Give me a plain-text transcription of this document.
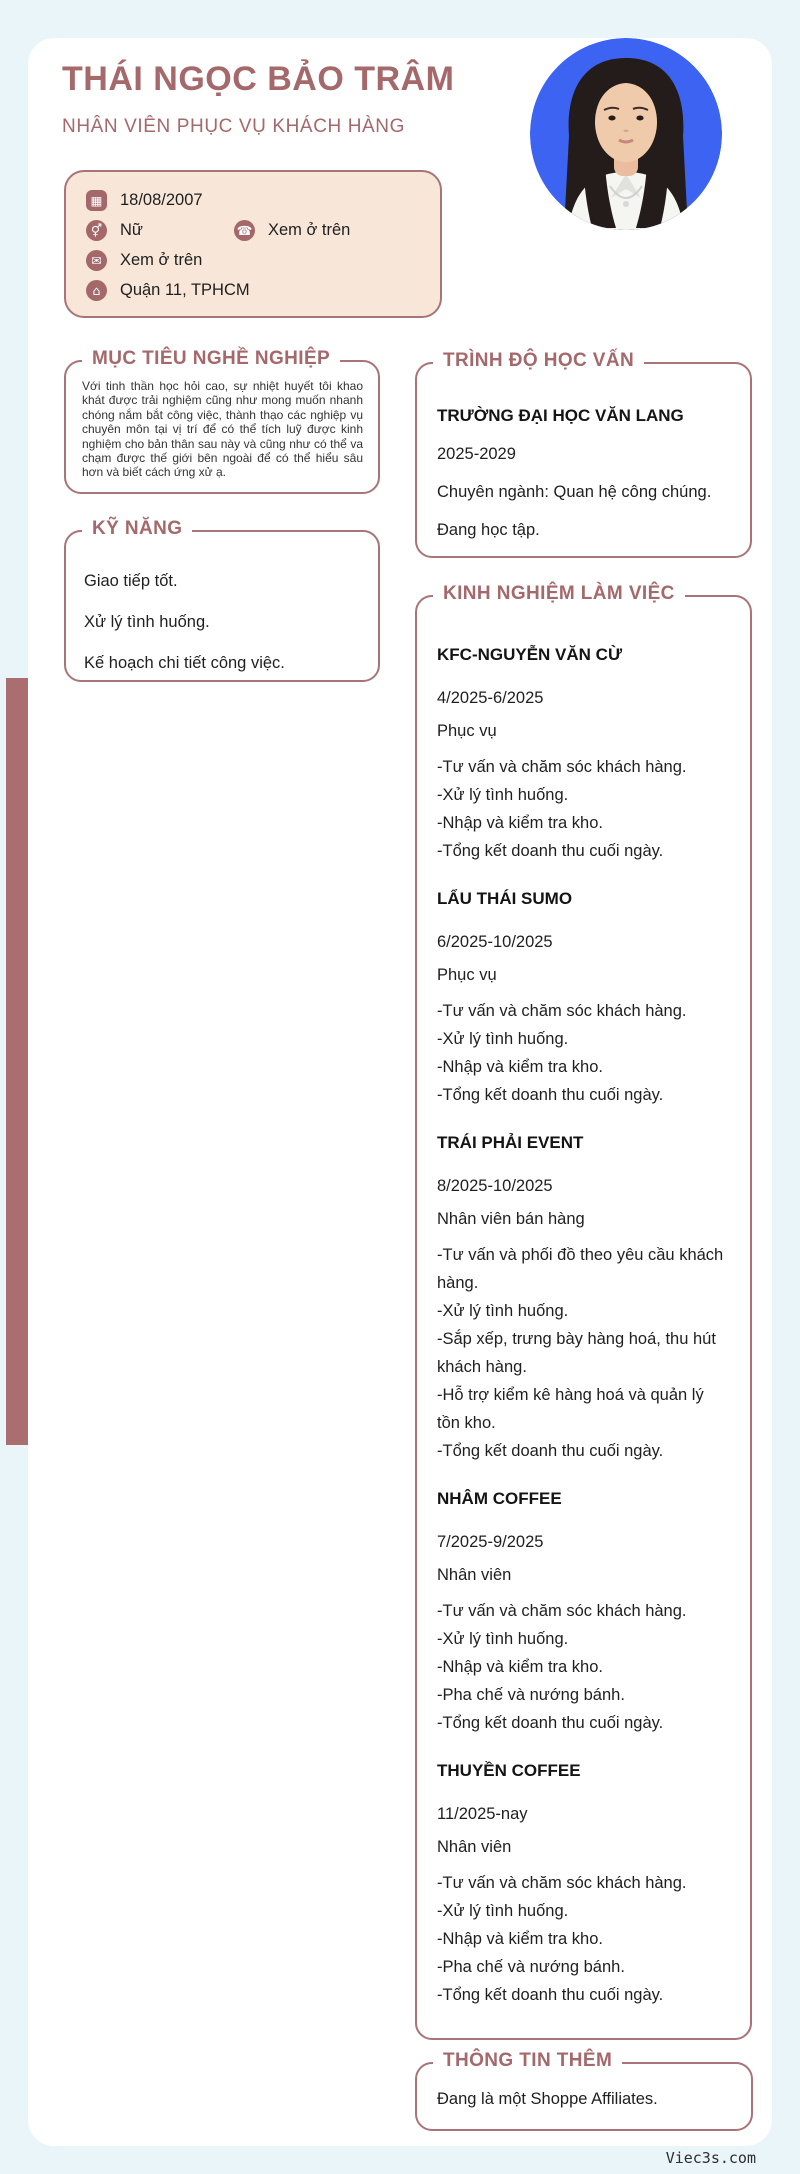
THÁI NGỌC BẢO TRÂM
NHÂN VIÊN PHỤC VỤ KHÁCH HÀNG
▦ 18/08/2007
⚥ Nữ	☎ Xem ở trên
✉	Xem ở trên
⌂	Quận 11, TPHCM
MỤC TIÊU NGHỀ NGHIỆP

Với tinh thần học hỏi cao, sự nhiệt huyết tôi khao khát được trải nghiệm cũng như mong muốn nhanh chóng nắm bắt công việc, thành thạo các nghiệp vụ chuyên môn tại vị trí để có thể tích luỹ được kinh nghiệm cho bản thân sau này và cũng như có thể va chạm được thế giới bên ngoài để có thể hiểu sâu hơn và biết cách ứng xử ạ.

KỸ NĂNG
Giao tiếp tốt.
Xử lý tình huống.
Kế hoạch chi tiết công việc.
TRÌNH ĐỘ HỌC VẤN
TRƯỜNG ĐẠI HỌC VĂN LANG
2025-2029
Chuyên ngành: Quan hệ công chúng.
Đang học tập.
KINH NGHIỆM LÀM VIỆC
KFC-NGUYỄN VĂN CỪ
4/2025-6/2025
Phục vụ
-Tư vấn và chăm sóc khách hàng.
-Xử lý tình huống.
-Nhập và kiểm tra kho.
-Tổng kết doanh thu cuối ngày.
LẨU THÁI SUMO
6/2025-10/2025
Phục vụ
-Tư vấn và chăm sóc khách hàng.
-Xử lý tình huống.
-Nhập và kiểm tra kho.
-Tổng kết doanh thu cuối ngày.
TRÁI PHẢI EVENT
8/2025-10/2025
Nhân viên bán hàng
-Tư vấn và phối đồ theo yêu cầu khách hàng.
-Xử lý tình huống.
-Sắp xếp, trưng bày hàng hoá, thu hút khách hàng.
-Hỗ trợ kiểm kê hàng hoá và quản lý tồn kho.
-Tổng kết doanh thu cuối ngày.
NHÂM COFFEE
7/2025-9/2025
Nhân viên
-Tư vấn và chăm sóc khách hàng.
-Xử lý tình huống.
-Nhập và kiểm tra kho.
-Pha chế và nướng bánh.
-Tổng kết doanh thu cuối ngày.
THUYỀN COFFEE
11/2025-nay
Nhân viên
-Tư vấn và chăm sóc khách hàng.
-Xử lý tình huống.
-Nhập và kiểm tra kho.
-Pha chế và nướng bánh.
-Tổng kết doanh thu cuối ngày.
THÔNG TIN THÊM
Đang là một Shoppe Affiliates.
Viec3s.com
